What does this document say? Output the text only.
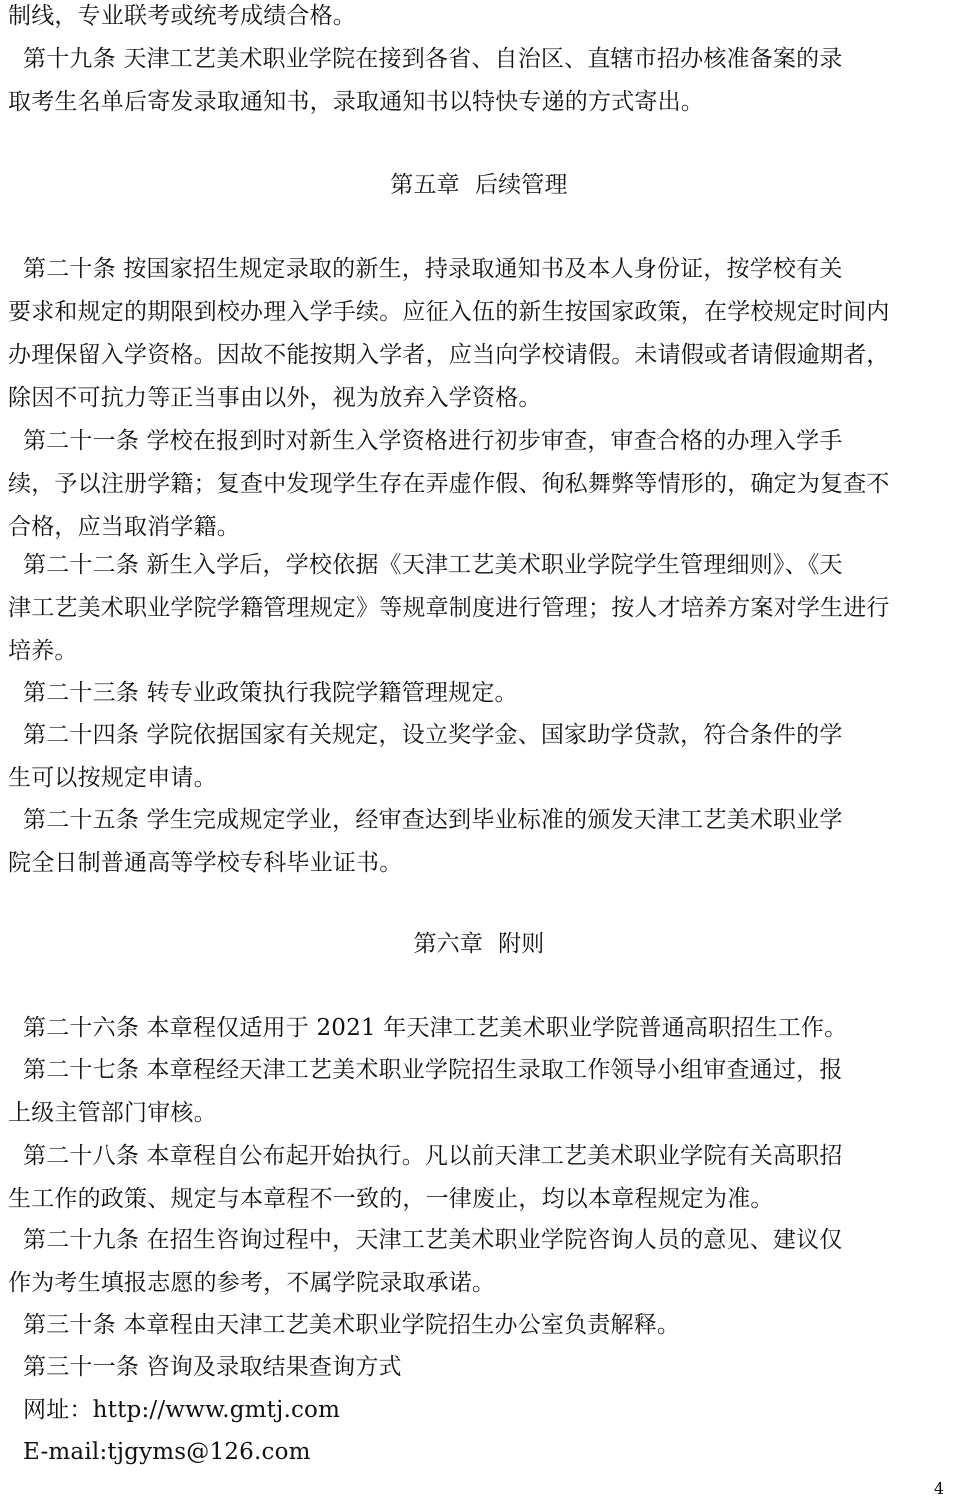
制线，专业联考或统考成绩合格。
第十九条 天津工艺美术职业学院在接到各省、自治区、直辖市招办核准备案的录
取考生名单后寄发录取通知书，录取通知书以特快专递的方式寄出。
第五章  后续管理
第二十条 按国家招生规定录取的新生，持录取通知书及本人身份证，按学校有关
要求和规定的期限到校办理入学手续。应征入伍的新生按国家政策，在学校规定时间内
办理保留入学资格。因故不能按期入学者，应当向学校请假。未请假或者请假逾期者，
除因不可抗力等正当事由以外，视为放弃入学资格。
第二十一条 学校在报到时对新生入学资格进行初步审查，审查合格的办理入学手
续，予以注册学籍；复查中发现学生存在弄虚作假、徇私舞弊等情形的，确定为复查不
合格，应当取消学籍。
第二十二条 新生入学后，学校依据《天津工艺美术职业学院学生管理细则》、《天
津工艺美术职业学院学籍管理规定》等规章制度进行管理；按人才培养方案对学生进行
培养。
第二十三条 转专业政策执行我院学籍管理规定。
第二十四条 学院依据国家有关规定，设立奖学金、国家助学贷款，符合条件的学
生可以按规定申请。
第二十五条 学生完成规定学业，经审查达到毕业标准的颁发天津工艺美术职业学
院全日制普通高等学校专科毕业证书。
第六章  附则
第二十六条 本章程仅适用于 2021 年天津工艺美术职业学院普通高职招生工作。
第二十七条 本章程经天津工艺美术职业学院招生录取工作领导小组审查通过，报
上级主管部门审核。
第二十八条 本章程自公布起开始执行。凡以前天津工艺美术职业学院有关高职招
生工作的政策、规定与本章程不一致的，一律废止，均以本章程规定为准。
第二十九条 在招生咨询过程中，天津工艺美术职业学院咨询人员的意见、建议仅
作为考生填报志愿的参考，不属学院录取承诺。
第三十条 本章程由天津工艺美术职业学院招生办公室负责解释。
第三十一条 咨询及录取结果查询方式
网址：http://www.gmtj.com
E-mail:tjgyms@126.com
4
